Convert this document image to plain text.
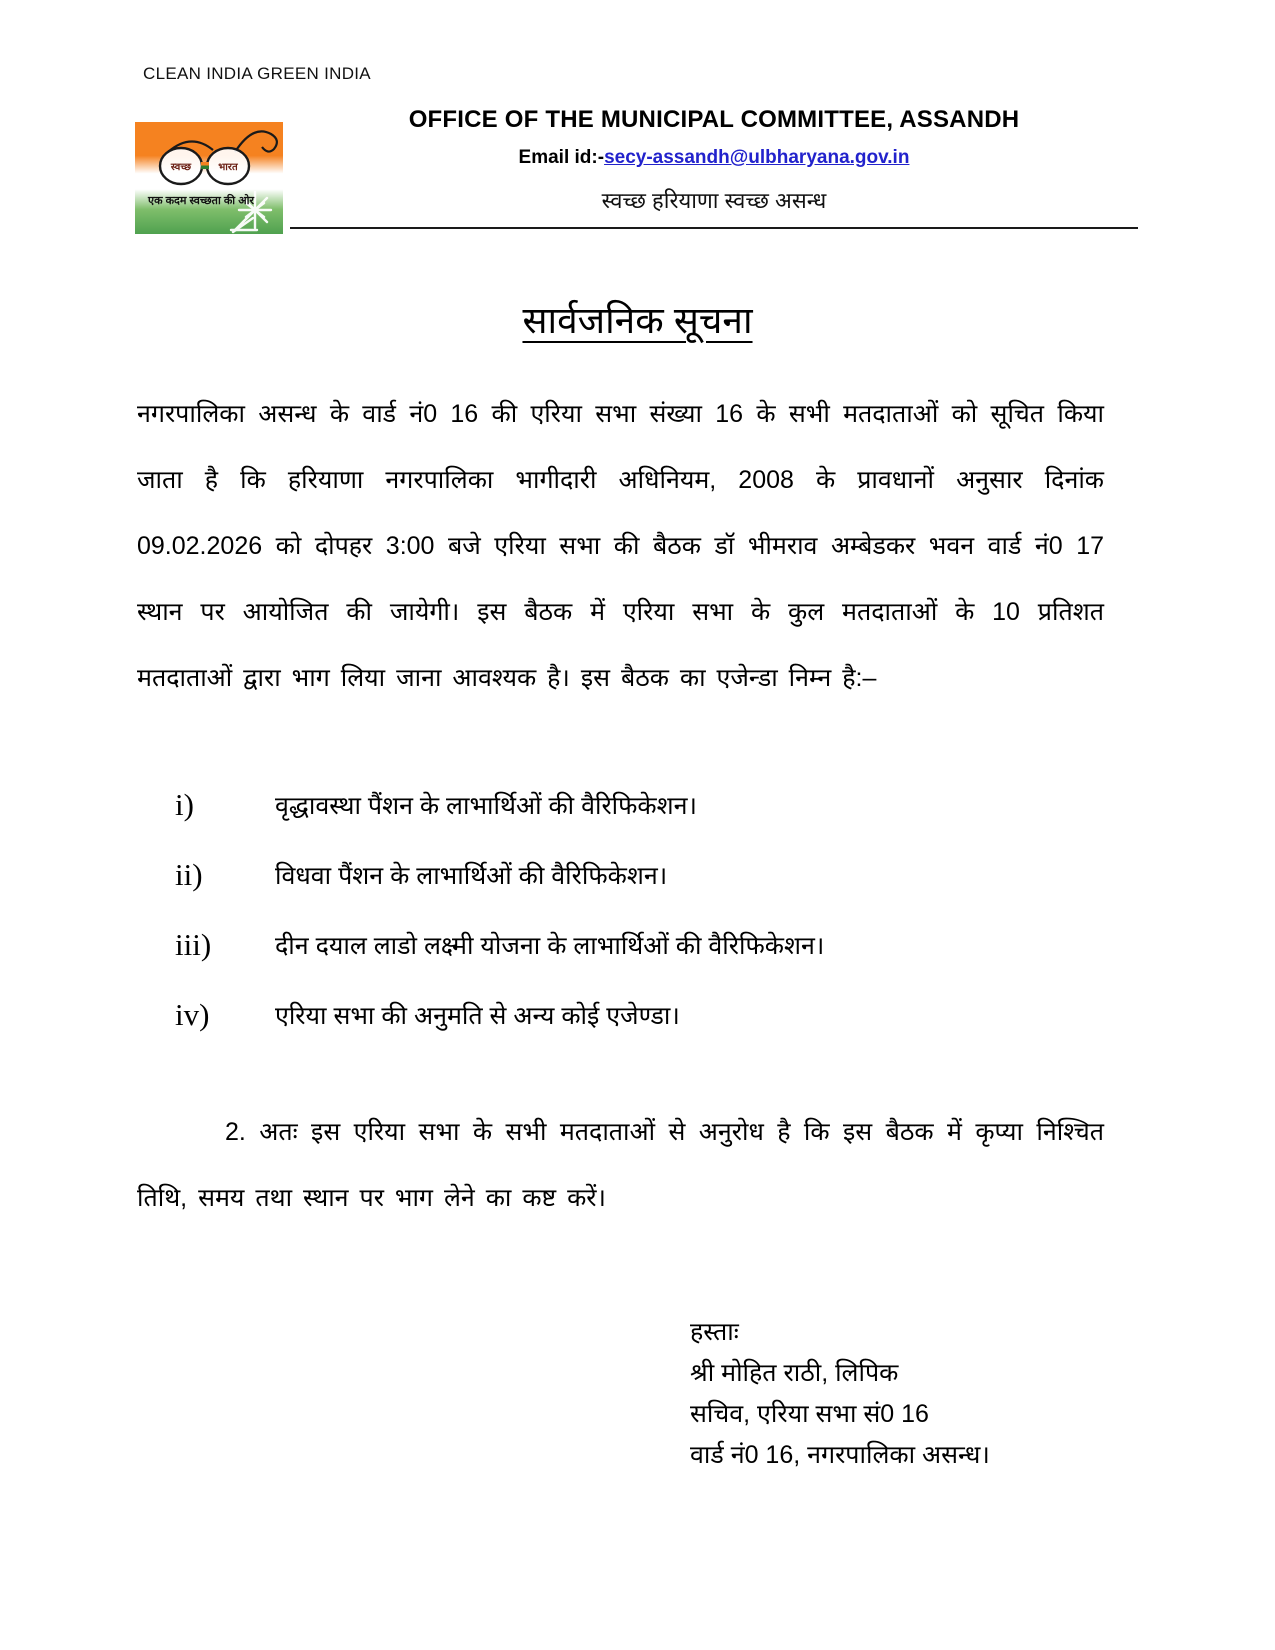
CLEAN INDIA GREEN INDIA
स्वच्छ	भारत
एक कदम स्वच्छता की ओर
OFFICE OF THE MUNICIPAL COMMITTEE, ASSANDH
Email id:-secy-assandh@ulbharyana.gov.in
स्वच्छ हरियाणा स्वच्छ असन्ध
सार्वजनिक सूचना
नगरपालिका असन्ध के वार्ड नं0 16 की एरिया सभा संख्या 16 के सभी मतदाताओं को सूचित किया जाता है कि हरियाणा नगरपालिका भागीदारी अधिनियम, 2008 के प्रावधानों अनुसार दिनांक 09.02.2026 को दोपहर 3:00 बजे एरिया सभा की बैठक डॉ भीमराव अम्बेडकर भवन वार्ड नं0 17 स्थान पर आयोजित की जायेगी। इस बैठक में एरिया सभा के कुल मतदाताओं के 10 प्रतिशत मतदाताओं द्वारा भाग लिया जाना आवश्यक है। इस बैठक का एजेन्डा निम्न है:–
i)	वृद्धावस्था पैंशन के लाभार्थिओं की वैरिफिकेशन।
ii)	विधवा पैंशन के लाभार्थिओं की वैरिफिकेशन।
iii)	दीन दयाल लाडो लक्ष्मी योजना के लाभार्थिओं की वैरिफिकेशन।
iv)	एरिया सभा की अनुमति से अन्य कोई एजेण्डा।
2. अतः इस एरिया सभा के सभी मतदाताओं से अनुरोध है कि इस बैठक में कृप्या निश्चित तिथि, समय तथा स्थान पर भाग लेने का कष्ट करें।
हस्ताः
श्री मोहित राठी, लिपिक
सचिव, एरिया सभा सं0 16
वार्ड नं0 16, नगरपालिका असन्ध।
